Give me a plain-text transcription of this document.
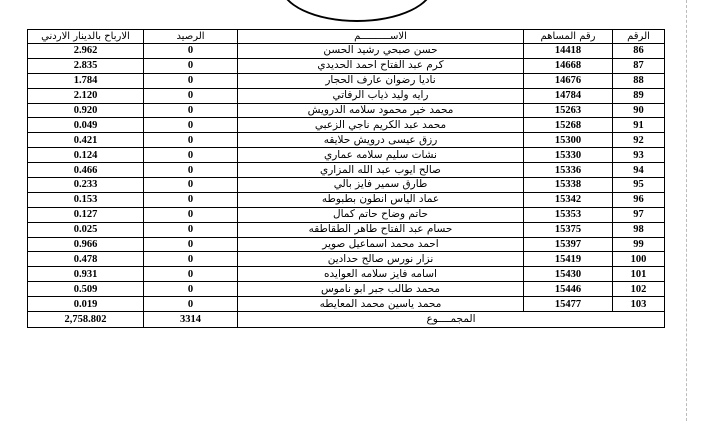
الرقم	رقم المساهم	الاســــــــــم	الرصيد	الارباح بالدينار الاردني
86	14418	حسن صبحي رشيد الحسن	0	2.962
87	14668	كرم عبد الفتاح احمد الحديدي	0	2.835
88	14676	ناديا رضوان عارف الحجار	0	1.784
89	14784	رايه وليد ذياب الرفاتي	0	2.120
90	15263	محمد خير محمود سلامه الدرويش	0	0.920
91	15268	محمد عبد الكريم ناجي الزعبي	0	0.049
92	15300	رزق عيسى درويش حلايقه	0	0.421
93	15330	نشات سليم سلامه عماري	0	0.124
94	15336	صالح ايوب عبد الله المزاري	0	0.466
95	15338	طارق سمير فايز بالي	0	0.233
96	15342	عماد الياس انطون بطبوطه	0	0.153
97	15353	حاتم وضاح حاتم كمال	0	0.127
98	15375	حسام عبد الفتاح طاهر الطقاطقه	0	0.025
99	15397	احمد محمد اسماعيل صوير	0	0.966
100	15419	نزار نورس صالح حدادين	0	0.478
101	15430	اسامه فايز سلامه العوايده	0	0.931
102	15446	محمد طالب جبر ابو ناموس	0	0.509
103	15477	محمد ياسين محمد المعايطه	0	0.019
المجمــــوع			3314	2,758.802
